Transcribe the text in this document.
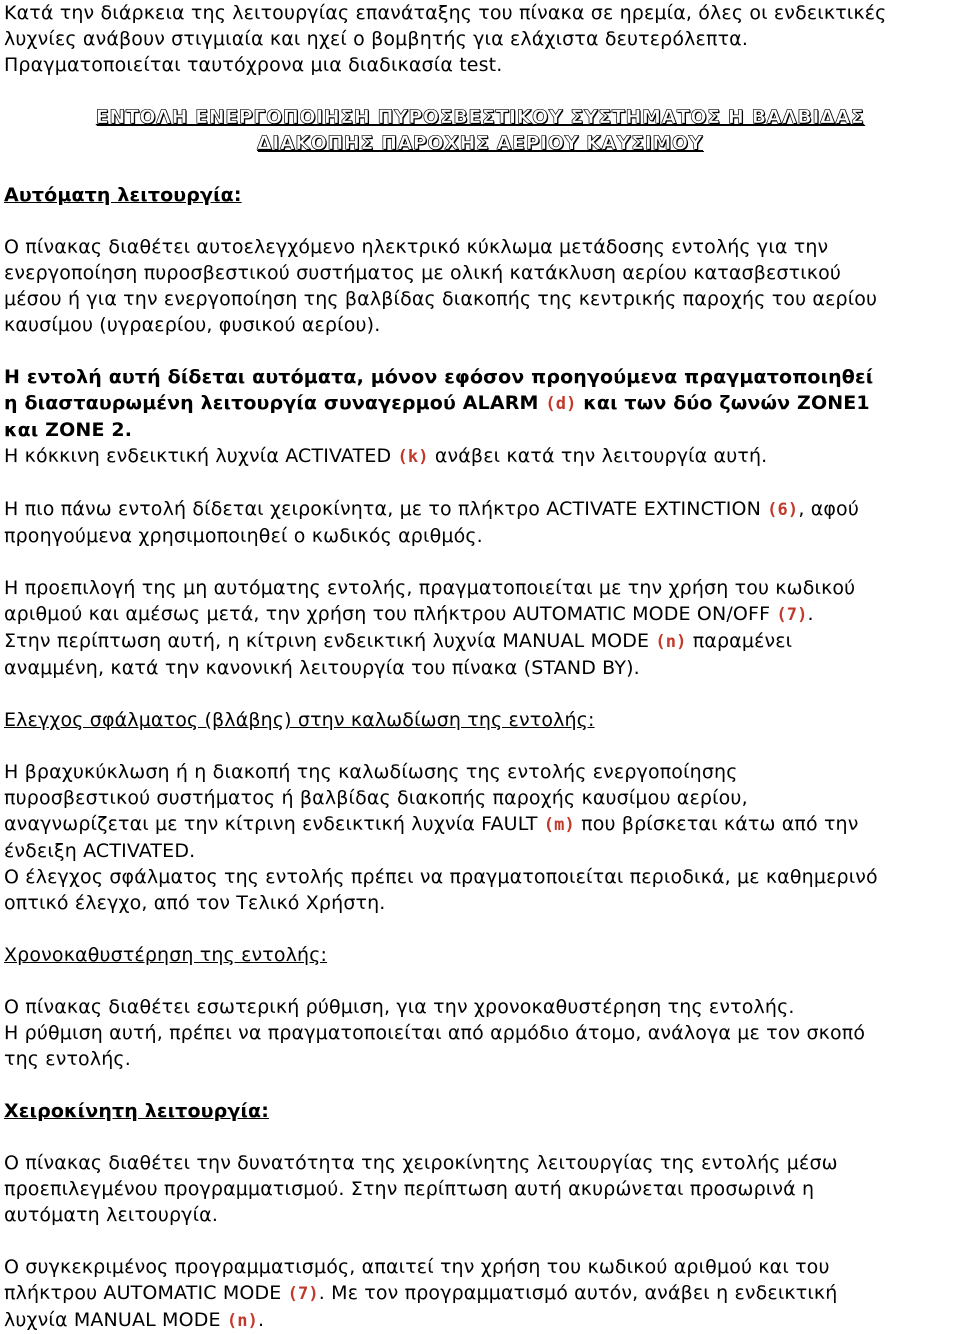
Κατά την διάρκεια της λειτουργίας επανάταξης του πίνακα σε ηρεμία, όλες οι ενδεικτικές

λυχνίες ανάβουν στιγμιαία και ηχεί ο βομβητής για ελάχιστα δευτερόλεπτα.

Πραγματοποιείται ταυτόχρονα μια διαδικασία test.

ΕΝΤΟΛΗ ΕΝΕΡΓΟΠΟΙΗΣΗ ΠΥΡΟΣΒΕΣΤΙΚΟΥ ΣΥΣΤΗΜΑΤΟΣ Η ΒΑΛΒΙΔΑΣ

ΔΙΑΚΟΠΗΣ ΠΑΡΟΧΗΣ ΑΕΡΙΟΥ ΚΑΥΣΙΜΟΥ

Αυτόματη λειτουργία:

Ο πίνακας διαθέτει αυτοελεγχόμενο ηλεκτρικό κύκλωμα μετάδοσης εντολής για την

ενεργοποίηση πυροσβεστικού συστήματος με ολική κατάκλυση αερίου κατασβεστικού

μέσου ή για την ενεργοποίηση της βαλβίδας διακοπής της κεντρικής παροχής του αερίου

καυσίμου (υγραερίου, φυσικού αερίου).

Η εντολή αυτή δίδεται αυτόματα, μόνον εφόσον προηγούμενα πραγματοποιηθεί

η διασταυρωμένη λειτουργία συναγερμού ALARM (d) και των δύο ζωνών ZONE1

και ZONE 2.

Η κόκκινη ενδεικτική λυχνία ACTIVATED (k) ανάβει κατά την λειτουργία αυτή.

Η πιο πάνω εντολή δίδεται χειροκίνητα, με το πλήκτρο ACTIVATE EXTINCTION (6), αφού

προηγούμενα χρησιμοποιηθεί ο κωδικός αριθμός.

Η προεπιλογή της μη αυτόματης εντολής, πραγματοποιείται με την χρήση του κωδικού

αριθμού και αμέσως μετά, την χρήση του πλήκτρου AUTOMATIC MODE ON/OFF (7).

Στην περίπτωση αυτή, η κίτρινη ενδεικτική λυχνία MANUAL MODE (n) παραμένει

αναμμένη, κατά την κανονική λειτουργία του πίνακα (STAND BY).

Ελεγχος σφάλματος (βλάβης) στην καλωδίωση της εντολής:

Η βραχυκύκλωση ή η διακοπή της καλωδίωσης της εντολής ενεργοποίησης

πυροσβεστικού συστήματος ή βαλβίδας διακοπής παροχής καυσίμου αερίου,

αναγνωρίζεται με την κίτρινη ενδεικτική λυχνία FAULT (m) που βρίσκεται κάτω από την

ένδειξη ACTIVATED.

Ο έλεγχος σφάλματος της εντολής πρέπει να πραγματοποιείται περιοδικά, με καθημερινό

οπτικό έλεγχο, από τον Τελικό Χρήστη.

Χρονοκαθυστέρηση της εντολής:

Ο πίνακας διαθέτει εσωτερική ρύθμιση, για την χρονοκαθυστέρηση της εντολής.

Η ρύθμιση αυτή, πρέπει να πραγματοποιείται από αρμόδιο άτομο, ανάλογα με τον σκοπό

της εντολής.

Χειροκίνητη λειτουργία:

Ο πίνακας διαθέτει την δυνατότητα της χειροκίνητης λειτουργίας της εντολής μέσω

προεπιλεγμένου προγραμματισμού. Στην περίπτωση αυτή ακυρώνεται προσωρινά η

αυτόματη λειτουργία.

Ο συγκεκριμένος προγραμματισμός, απαιτεί την χρήση του κωδικού αριθμού και του

πλήκτρου AUTOMATIC MODE (7). Με τον προγραμματισμό αυτόν, ανάβει η ενδεικτική

λυχνία MANUAL MODE (n).
